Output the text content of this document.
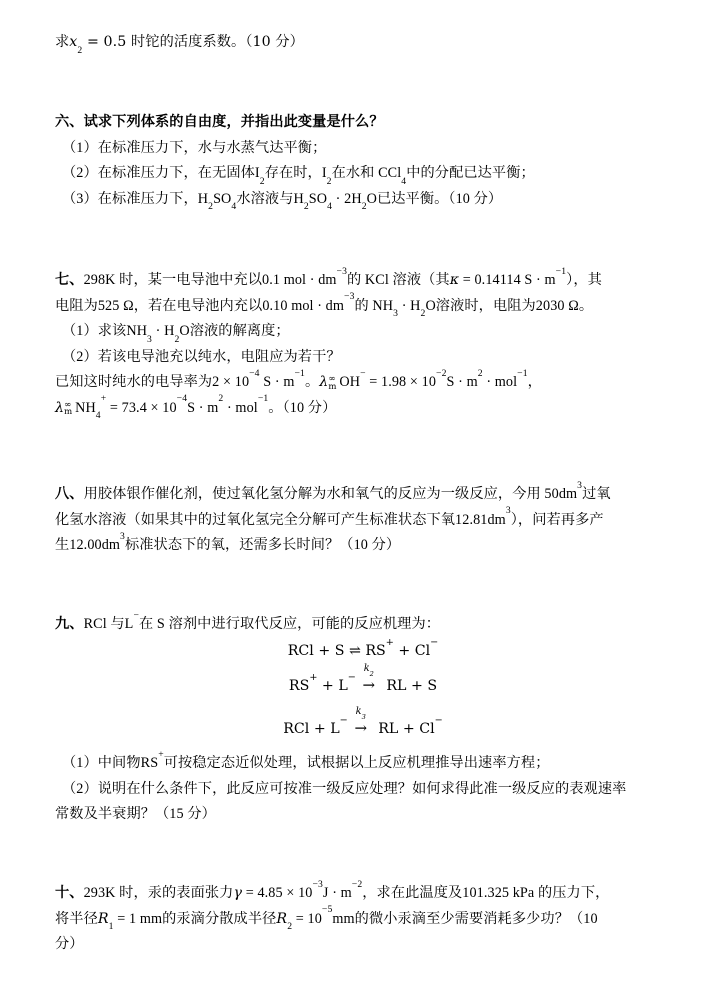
求$x_2 = 0.5$ 时铊的活度系数。（10 分）
六、试求下列体系的自由度，并指出此变量是什么？
（1）在标准压力下，水与水蒸气达平衡；
（2）在标准压力下，在无固体$I_2$存在时，$I_2$在水和 CCl$_4$中的分配已达平衡；
（3）在标准压力下，$H_2SO_4$水溶液与$H_2SO_4 \cdot 2H_2O$已达平衡。（10 分）
七、298K 时，某一电导池中充以0.1 mol · $dm^{-3}$的 KCl 溶液（其κ = 0.14114 $S \cdot m^{-1}$），其
电阻为525 Ω，若在电导池内充以0.10 mol · $dm^{-3}$的 $NH_3 \cdot H_2O$溶液时，电阻为2030 Ω。
（1）求该$NH_3 \cdot H_2O$溶液的解离度；
（2）若该电导池充以纯水，电阻应为若干？
已知这时纯水的电导率为$2 \times 10^{-4}$ $S \cdot m^{-1}$。λ ∞
m $OH^- = 1.98 \times 10^{-2}S \cdot m^2 \cdot mol^{-1}$，
λ ∞
m $NH_4^+ = 73.4 \times 10^{-4}S \cdot m^2 \cdot mol^{-1}$。（10 分）
八、用胶体银作催化剂，使过氧化氢分解为水和氧气的反应为一级反应，今用 $50dm^3$过氧
化氢水溶液（如果其中的过氧化氢完全分解可产生标准状态下氧$12.81dm^3$），问若再多产
生$12.00dm^3$标准状态下的氧，还需多长时间？（10 分）
九、RCl 与L−在 S 溶剂中进行取代反应，可能的反应机理为：
RCl + S ⇌ RS+ + Cl−
RS+ + L−
$k_2$
→ RL + S
RCl + L−
$k_3$
→ RL + Cl−
（1）中间物RS+可按稳定态近似处理，试根据以上反应机理推导出速率方程；
（2）说明在什么条件下，此反应可按准一级反应处理？如何求得此准一级反应的表观速率
常数及半衰期？（15 分）
十、293K 时，汞的表面张力$\gamma = 4.85 \times 10^{-3}J \cdot m^{-2}$，求在此温度及101.325 kPa 的压力下，
将半径$R_1 = 1$ mm的汞滴分散成半径$R_2 = 10^{-5}mm$的微小汞滴至少需要消耗多少功？（10
分）
